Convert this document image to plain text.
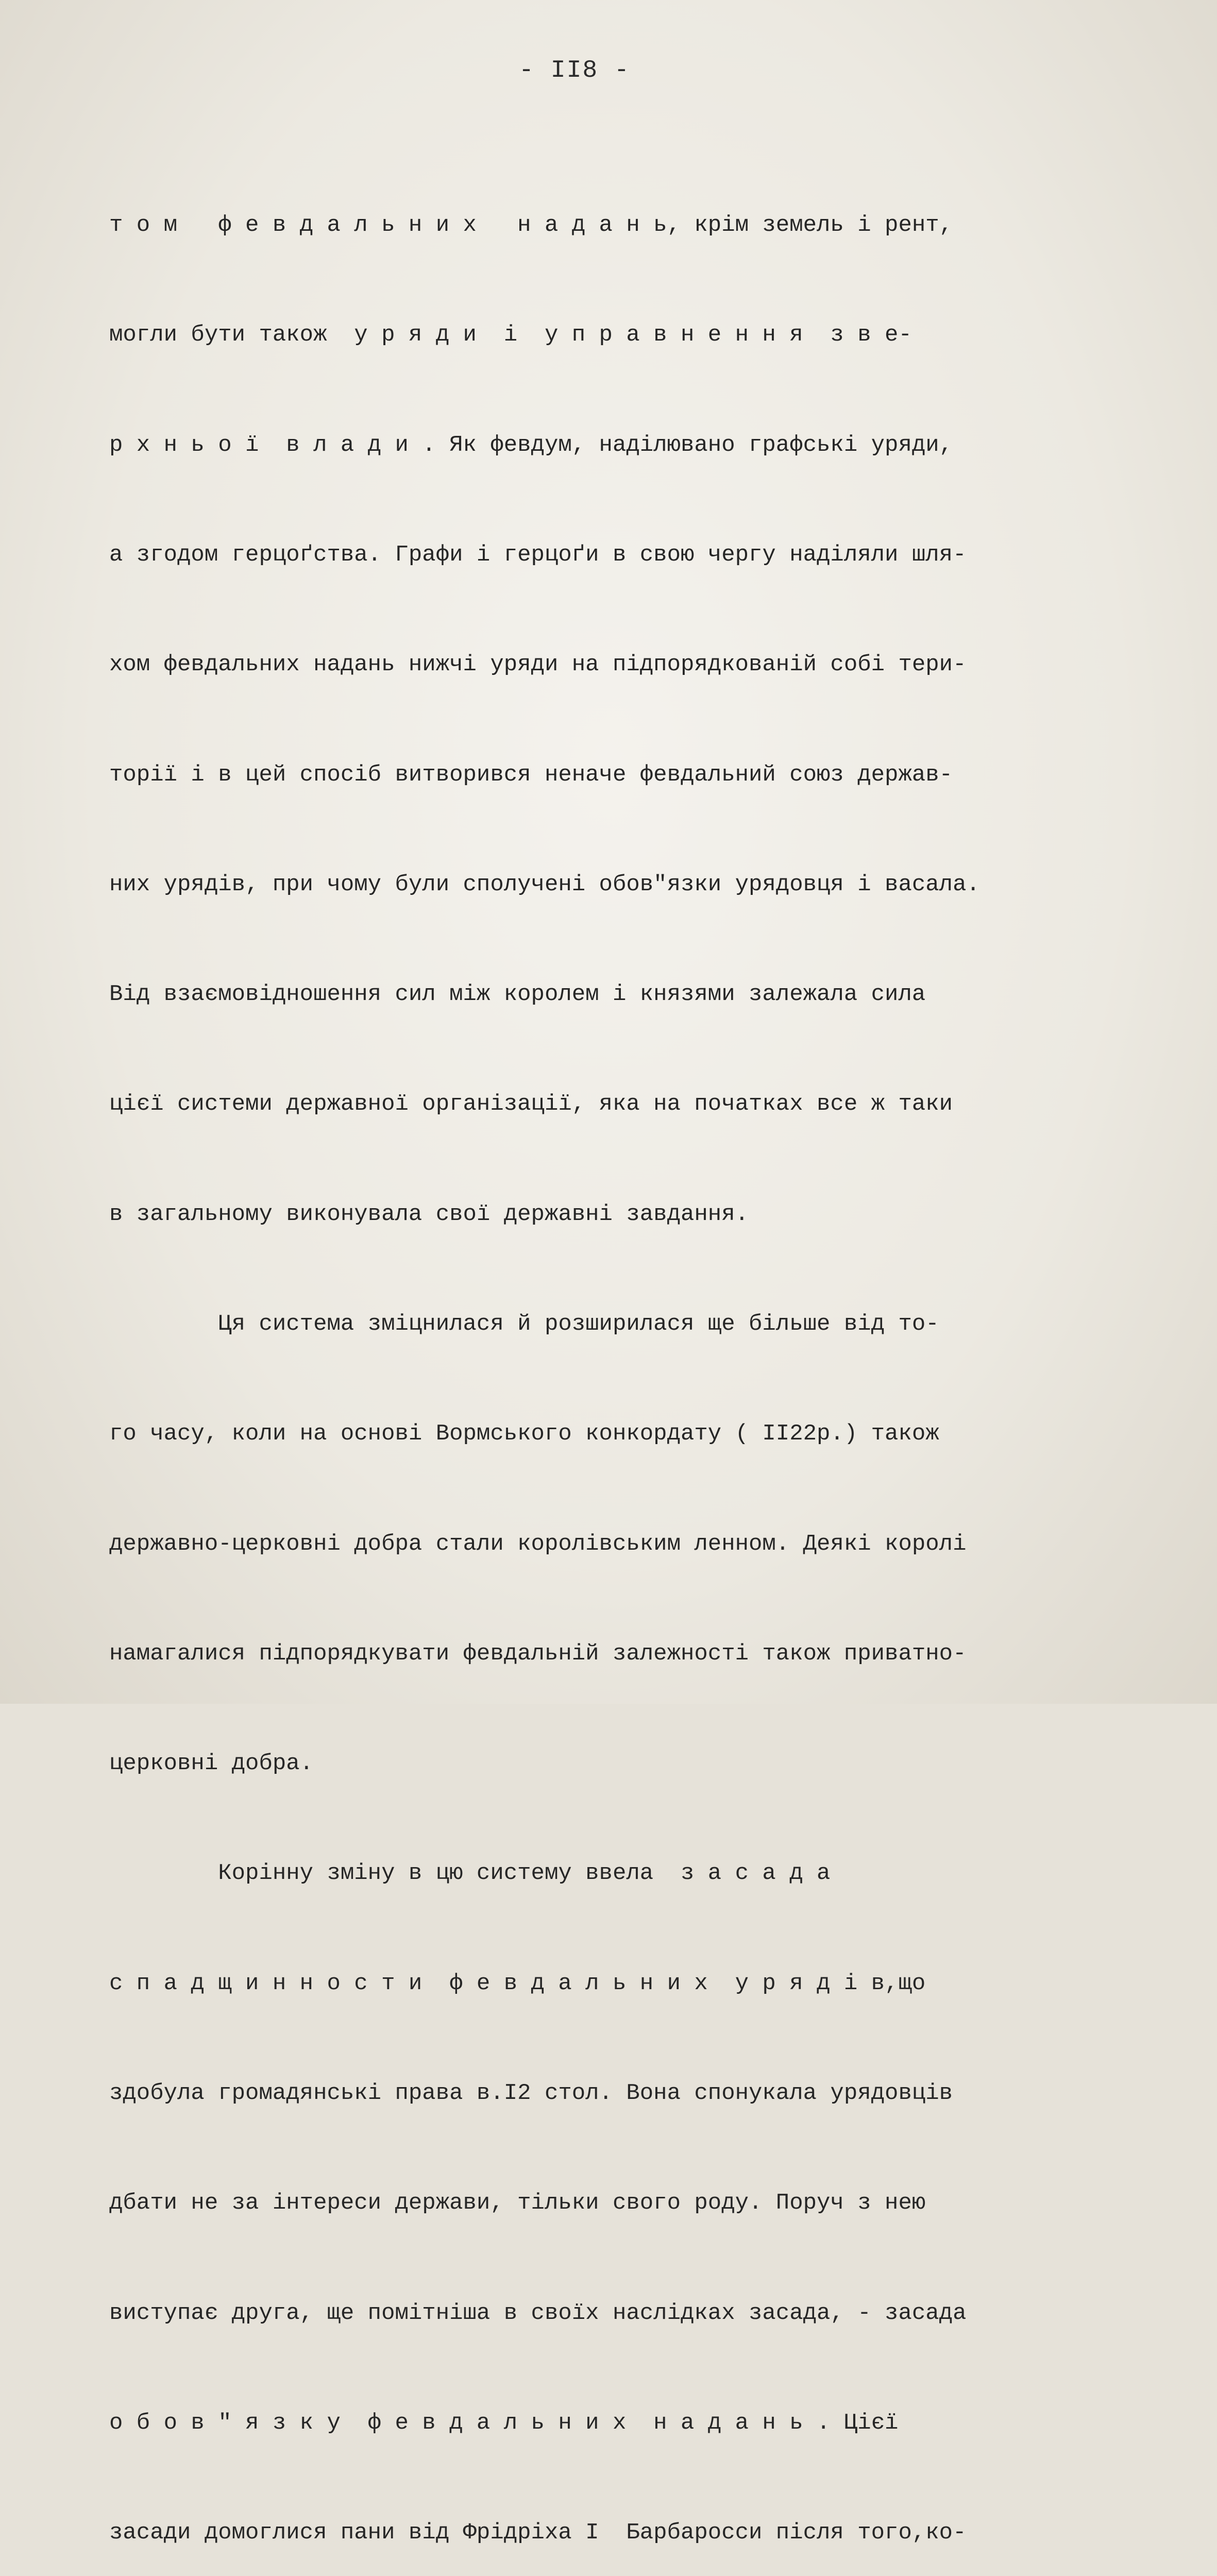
- II8 -

т о м   ф е в д а л ь н и х   н а д а н ь, крім земель і рент,

могли бути також  у р я д и  і  у п р а в н е н н я  з в е-

р х н ь о ї  в л а д и . Як февдум, наділювано графські уряди,

а згодом герцоґства. Графи і герцоґи в свою чергу наділяли шля-

хом февдальних надань нижчі уряди на підпорядкованій собі тери-

торії і в цей спосіб витворився неначе февдальний союз держав-

них урядів, при чому були сполучені обов"язки урядовця і васала.

Від взаємовідношення сил між королем і князями залежала сила

цієї системи державної організації, яка на початках все ж таки

в загальному виконувала свої державні завдання.

Ця система зміцнилася й розширилася ще більше від то-

го часу, коли на основі Вормського конкордату ( II22р.) також

державно-церковні добра стали королівським ленном. Деякі королі

намагалися підпорядкувати февдальній залежності також приватно-

церковні добра.

Корінну зміну в цю систему ввела  з а с а д а

с п а д щ и н н о с т и  ф е в д а л ь н и х  у р я д і в,що

здобула громадянські права в.I2 стол. Вона спонукала урядовців

дбати не за інтереси держави, тільки свого роду. Поруч з нею

виступає друга, ще помітніша в своїх наслідках засада, - засада

о б о в " я з к у  ф е в д а л ь н и х  н а д а н ь . Цієї

засади домоглися пани від Фрідріха I  Барбаросси після того,ко-
